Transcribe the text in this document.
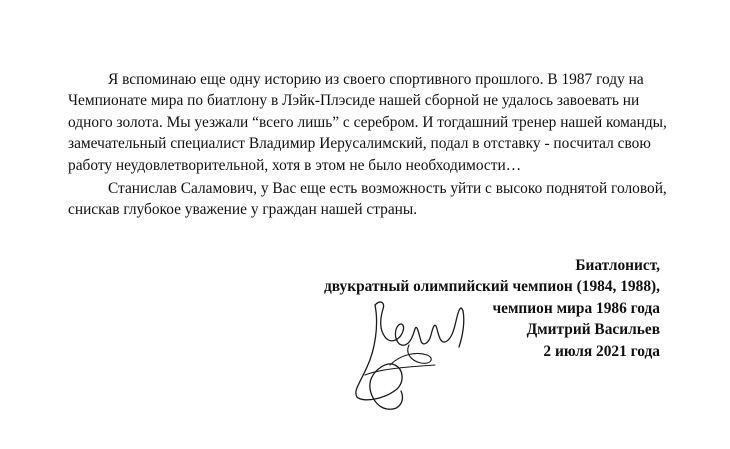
Я вспоминаю еще одну историю из своего спортивного прошлого. В 1987 году на
Чемпионате мира по биатлону в Лэйк-Плэсиде нашей сборной не удалось завоевать ни
одного золота. Мы уезжали “всего лишь” с серебром. И тогдашний тренер нашей команды,
замечательный специалист Владимир Иерусалимский, подал в отставку - посчитал свою
работу неудовлетворительной, хотя в этом не было необходимости…
Станислав Саламович, у Вас еще есть возможность уйти с высоко поднятой головой,
снискав глубокое уважение у граждан нашей страны.
Биатлонист,
двукратный олимпийский чемпион (1984, 1988),
чемпион мира 1986 года
Дмитрий Васильев
2 июля 2021 года
